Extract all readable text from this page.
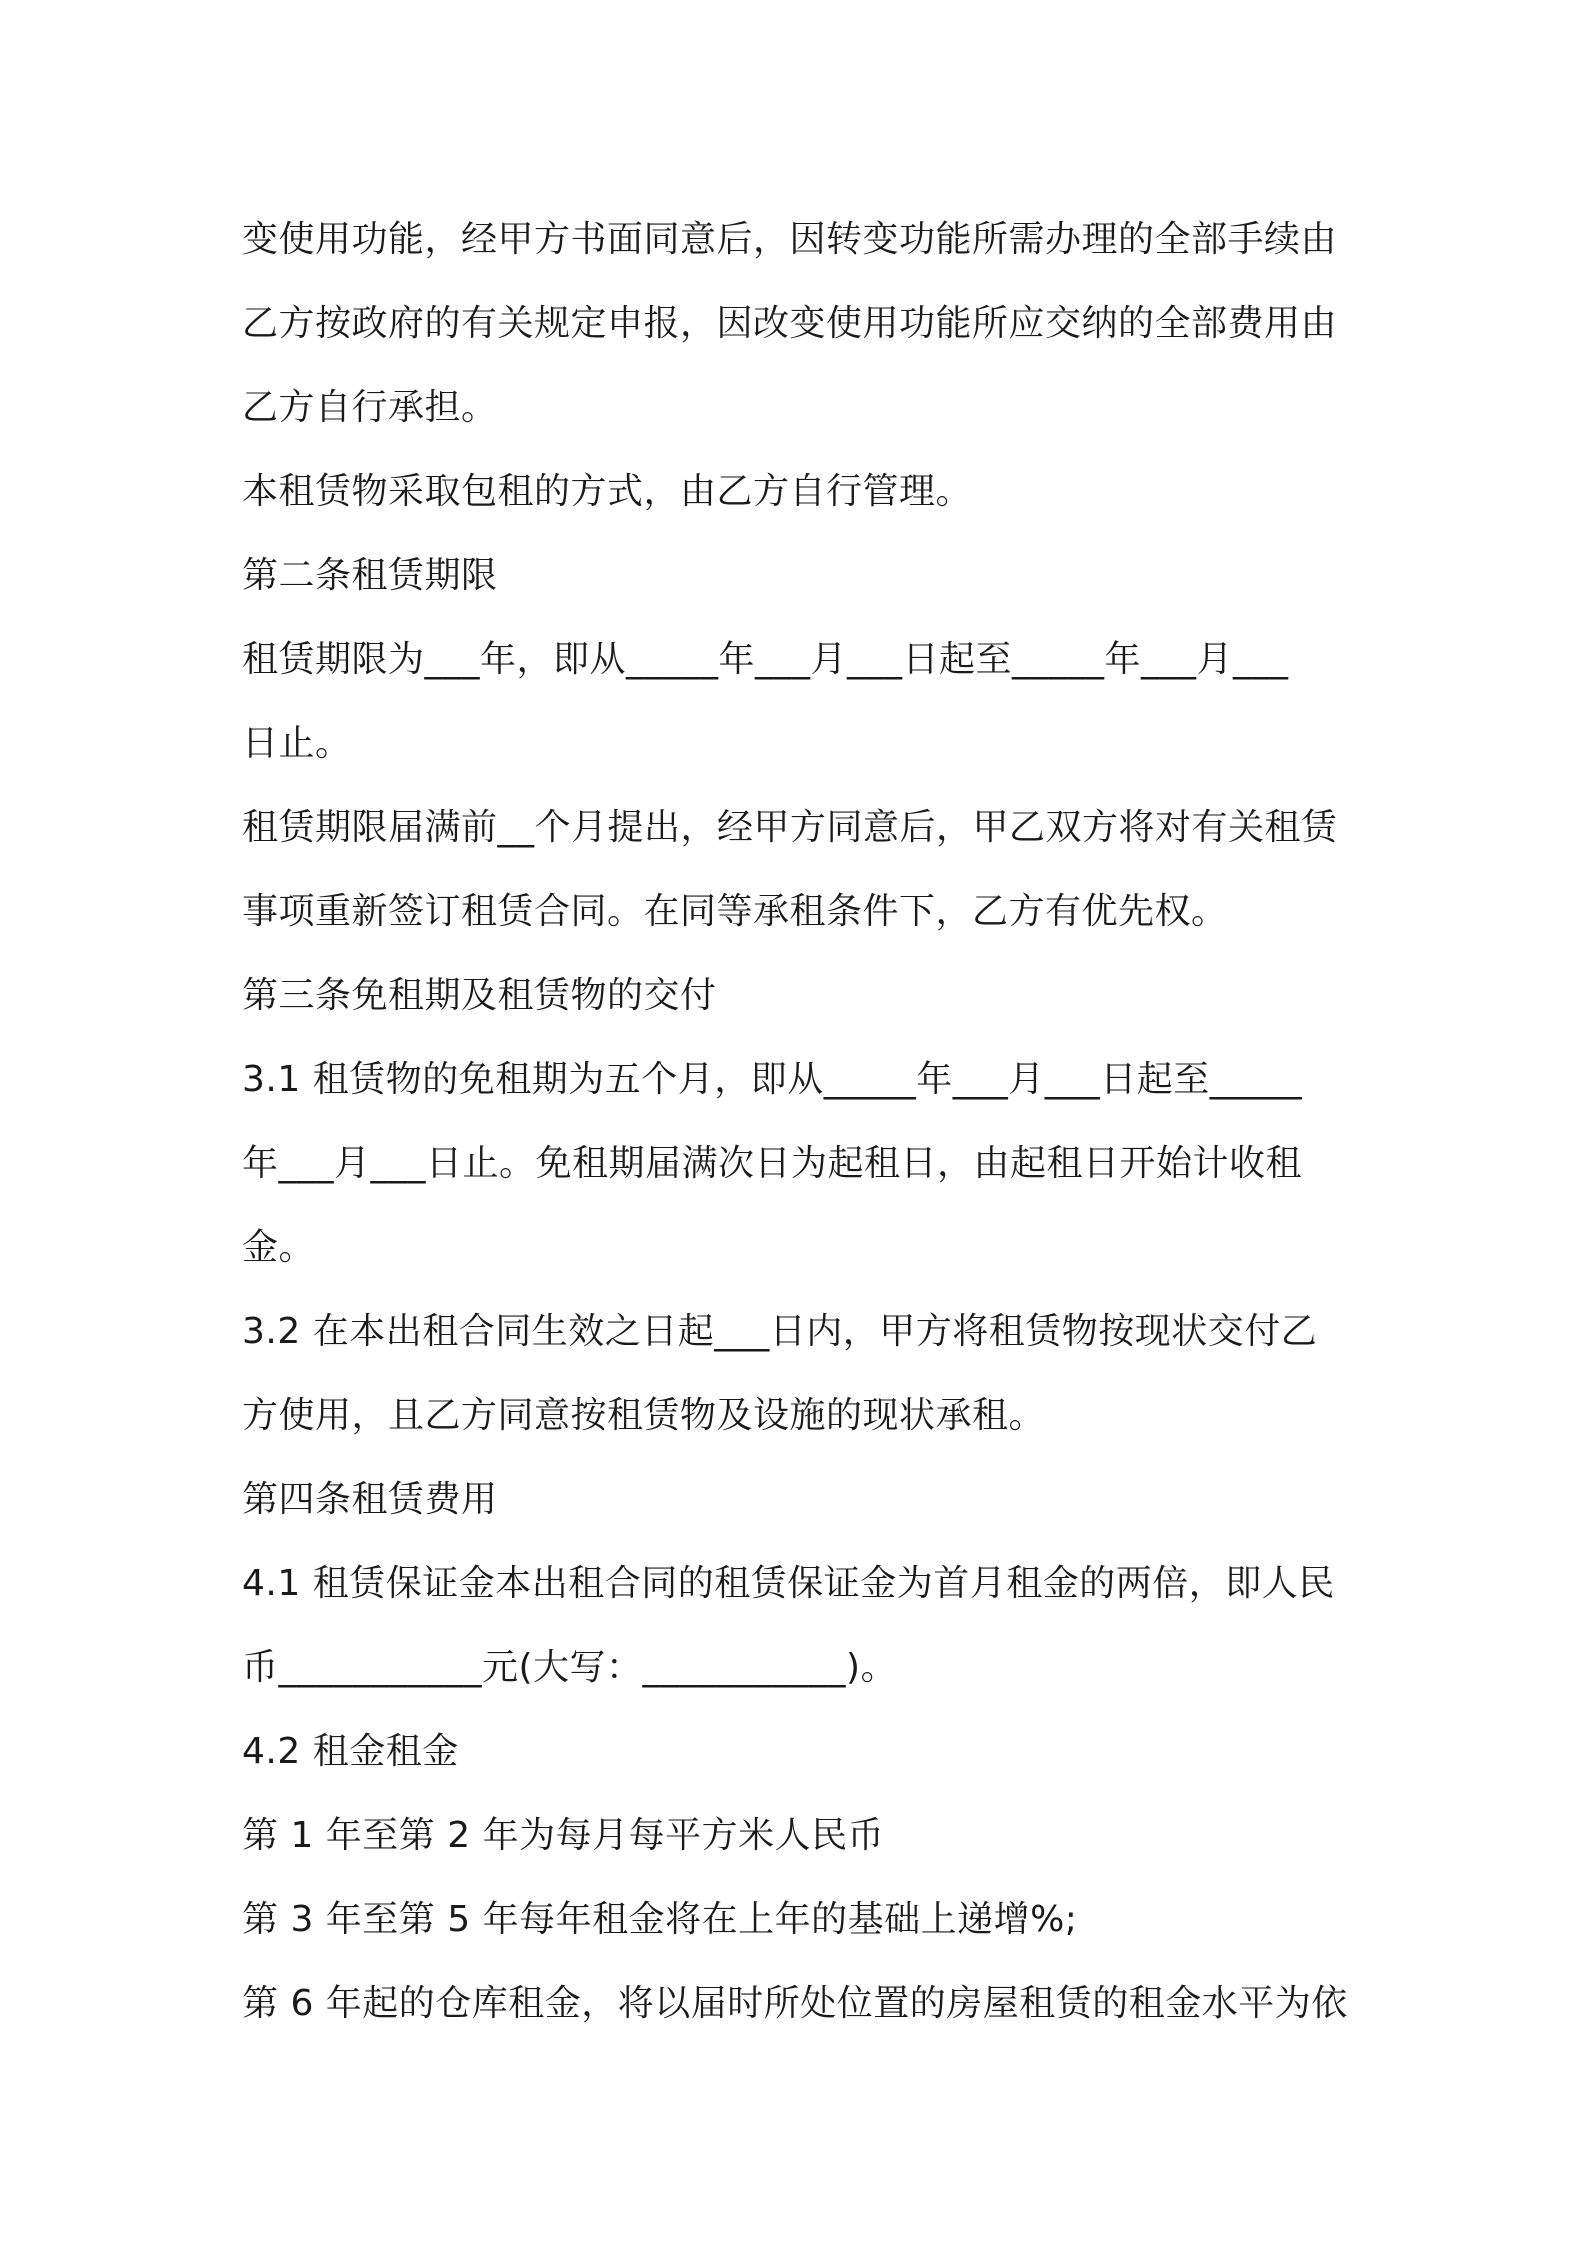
变使用功能，经甲方书面同意后，因转变功能所需办理的全部手续由
乙方按政府的有关规定申报，因改变使用功能所应交纳的全部费用由
乙方自行承担。
本租赁物采取包租的方式，由乙方自行管理。
第二条租赁期限
租赁期限为___年，即从_____年___月___日起至_____年___月___
日止。
租赁期限届满前__个月提出，经甲方同意后，甲乙双方将对有关租赁
事项重新签订租赁合同。在同等承租条件下，乙方有优先权。
第三条免租期及租赁物的交付
3.1 租赁物的免租期为五个月，即从_____年___月___日起至_____
年___月___日止。免租期届满次日为起租日，由起租日开始计收租
金。
3.2 在本出租合同生效之日起___日内，甲方将租赁物按现状交付乙
方使用，且乙方同意按租赁物及设施的现状承租。
第四条租赁费用
4.1 租赁保证金本出租合同的租赁保证金为首月租金的两倍，即人民
币___________元(大写：___________)。
4.2 租金租金
第 1 年至第 2 年为每月每平方米人民币
第 3 年至第 5 年每年租金将在上年的基础上递增%;
第 6 年起的仓库租金，将以届时所处位置的房屋租赁的租金水平为依
